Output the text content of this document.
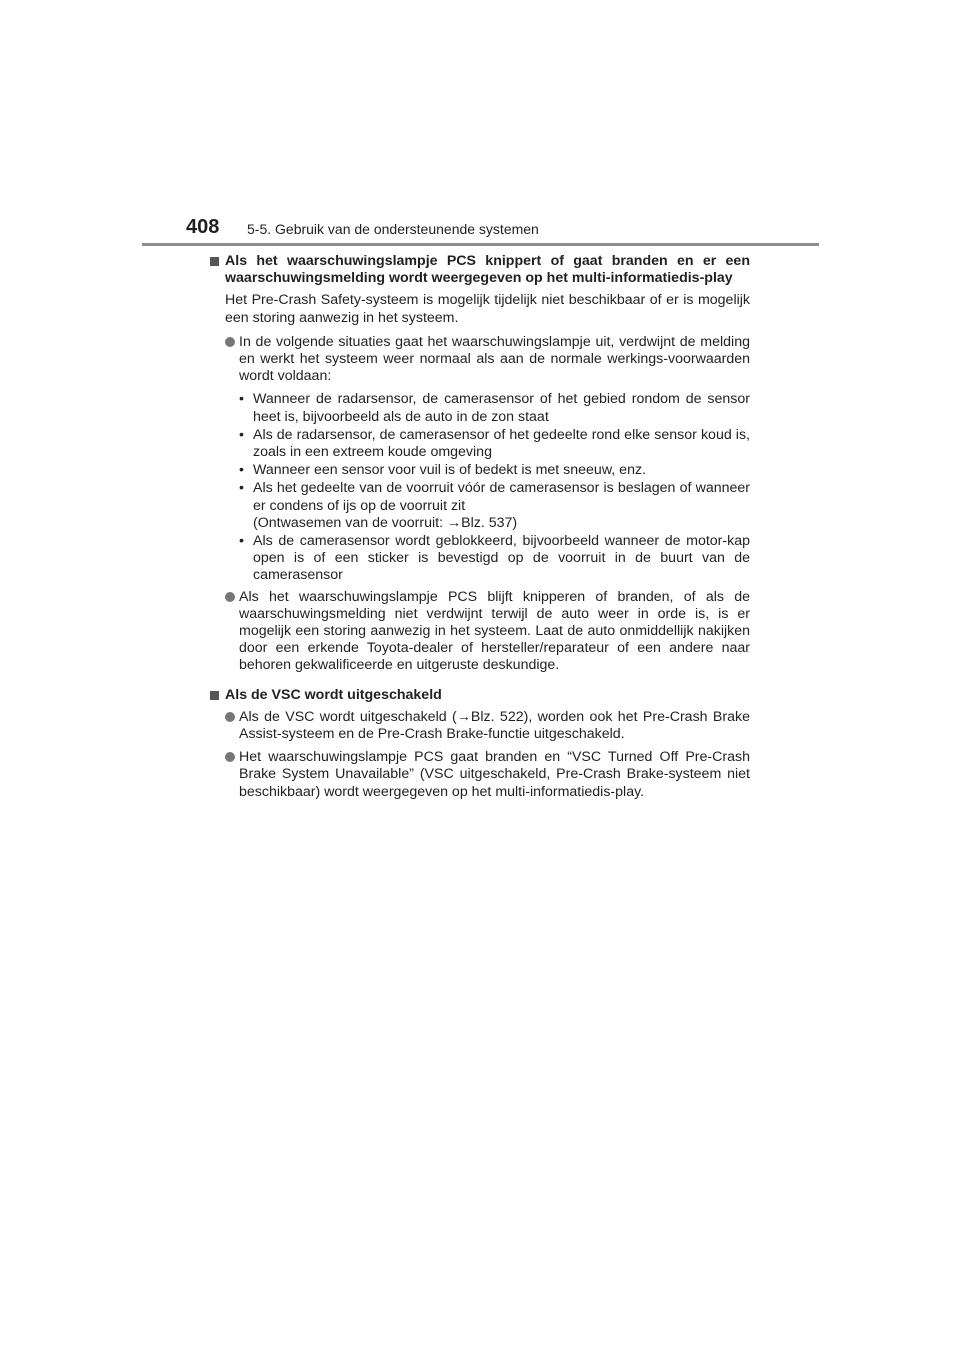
408 5-5. Gebruik van de ondersteunende systemen
Als het waarschuwingslampje PCS knippert of gaat branden en er een waarschuwingsmelding wordt weergegeven op het multi-informatiedis-play

Het Pre-Crash Safety-systeem is mogelijk tijdelijk niet beschikbaar of er is mogelijk een storing aanwezig in het systeem.

In de volgende situaties gaat het waarschuwingslampje uit, verdwijnt de melding en werkt het systeem weer normaal als aan de normale werkings-voorwaarden wordt voldaan:
• Wanneer de radarsensor, de camerasensor of het gebied rondom de sensor heet is, bijvoorbeeld als de auto in de zon staat
• Als de radarsensor, de camerasensor of het gedeelte rond elke sensor koud is, zoals in een extreem koude omgeving
• Wanneer een sensor voor vuil is of bedekt is met sneeuw, enz.
• Als het gedeelte van de voorruit vóór de camerasensor is beslagen of wanneer er condens of ijs op de voorruit zit
(Ontwasemen van de voorruit: →Blz. 537)
• Als de camerasensor wordt geblokkeerd, bijvoorbeeld wanneer de motor-kap open is of een sticker is bevestigd op de voorruit in de buurt van de camerasensor
Als het waarschuwingslampje PCS blijft knipperen of branden, of als de waarschuwingsmelding niet verdwijnt terwijl de auto weer in orde is, is er mogelijk een storing aanwezig in het systeem. Laat de auto onmiddellijk nakijken door een erkende Toyota-dealer of hersteller/reparateur of een andere naar behoren gekwalificeerde en uitgeruste deskundige.
Als de VSC wordt uitgeschakeld
Als de VSC wordt uitgeschakeld (→Blz. 522), worden ook het Pre-Crash Brake Assist-systeem en de Pre-Crash Brake-functie uitgeschakeld.
Het waarschuwingslampje PCS gaat branden en “VSC Turned Off Pre-Crash Brake System Unavailable” (VSC uitgeschakeld, Pre-Crash Brake-systeem niet beschikbaar) wordt weergegeven op het multi-informatiedis-play.
